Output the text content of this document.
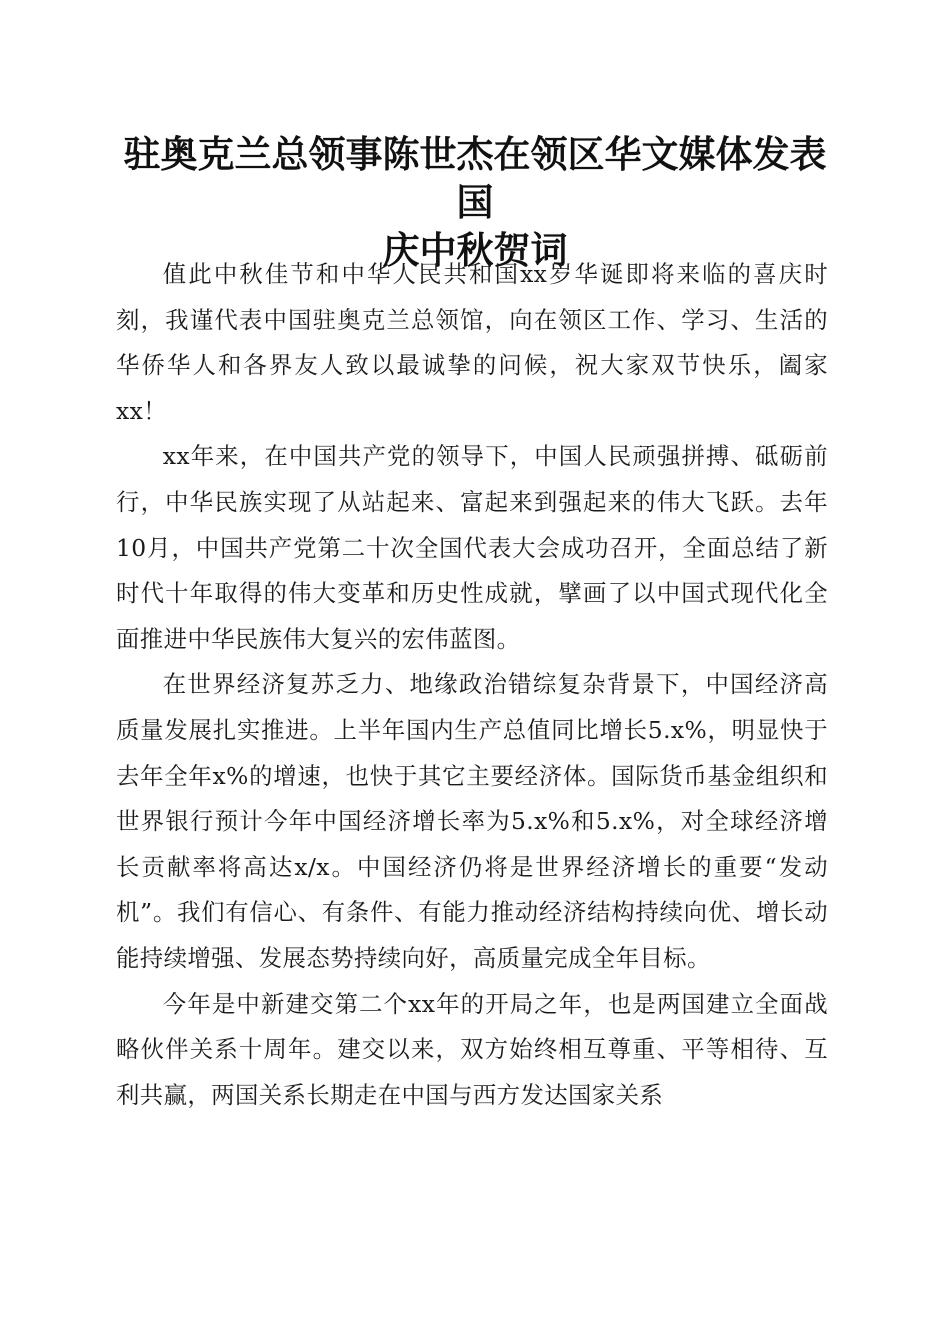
驻奥克兰总领事陈世杰在领区华文媒体发表国
庆中秋贺词

值此中秋佳节和中华人民共和国xx岁华诞即将来临的喜庆时刻，我谨代表中国驻奥克兰总领馆，向在领区工作、学习、生活的华侨华人和各界友人致以最诚挚的问候，祝大家双节快乐，阖家xx！

xx年来，在中国共产党的领导下，中国人民顽强拼搏、砥砺前行，中华民族实现了从站起来、富起来到强起来的伟大飞跃。去年10月，中国共产党第二十次全国代表大会成功召开，全面总结了新时代十年取得的伟大变革和历史性成就，擘画了以中国式现代化全面推进中华民族伟大复兴的宏伟蓝图。

在世界经济复苏乏力、地缘政治错综复杂背景下，中国经济高质量发展扎实推进。上半年国内生产总值同比增长5.x%，明显快于去年全年x%的增速，也快于其它主要经济体。国际货币基金组织和世界银行预计今年中国经济增长率为5.x%和5.x%，对全球经济增长贡献率将高达x/x。中国经济仍将是世界经济增长的重要“发动机”。我们有信心、有条件、有能力推动经济结构持续向优、增长动能持续增强、发展态势持续向好，高质量完成全年目标。

今年是中新建交第二个xx年的开局之年，也是两国建立全面战略伙伴关系十周年。建交以来，双方始终相互尊重、平等相待、互利共赢，两国关系长期走在中国与西方发达国家关系
